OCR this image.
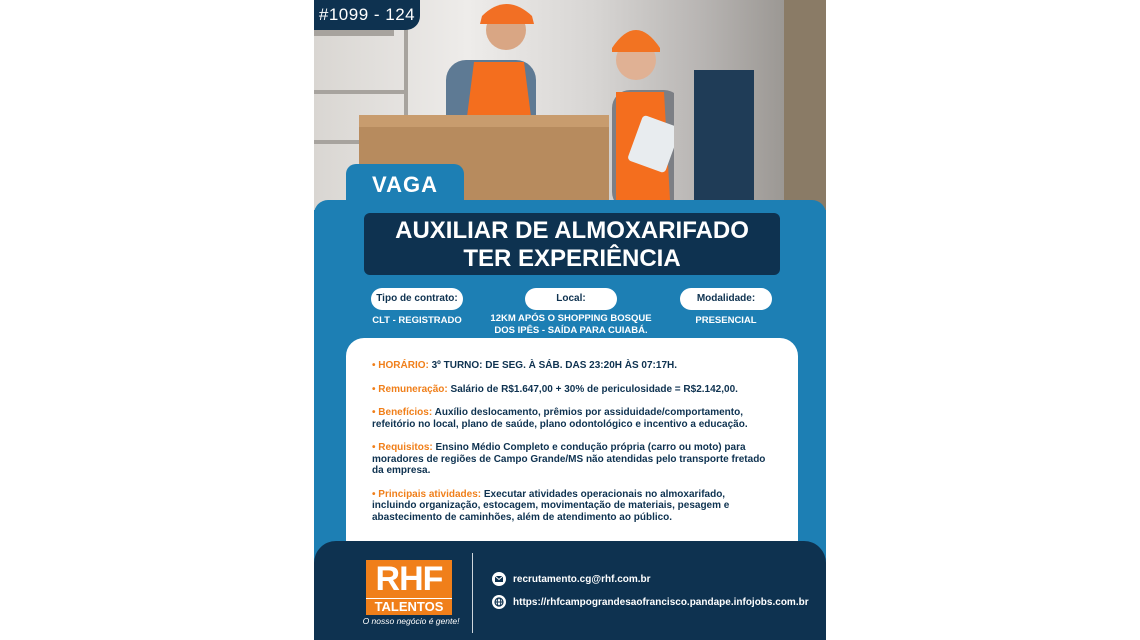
#1099 - 124
VAGA
AUXILIAR DE ALMOXARIFADO
TER EXPERIÊNCIA
Tipo de contrato:
CLT - REGISTRADO
Local:
12KM APÓS O SHOPPING BOSQUE DOS IPÊS - SAÍDA PARA CUIABÁ.
Modalidade:
PRESENCIAL

• HORÁRIO: 3º TURNO: DE SEG. À SÁB. DAS 23:20H ÀS 07:17H.

• Remuneração: Salário de R$1.647,00 + 30% de periculosidade = R$2.142,00.

• Benefícios: Auxílio deslocamento, prêmios por assiduidade/comportamento, refeitório no local, plano de saúde, plano odontológico e incentivo a educação.

• Requisitos: Ensino Médio Completo e condução própria (carro ou moto) para moradores de regiões de Campo Grande/MS não atendidas pelo transporte fretado da empresa.

• Principais atividades: Executar atividades operacionais no almoxarifado, incluindo organização, estocagem, movimentação de materiais, pesagem e abastecimento de caminhões, além de atendimento ao público.

RHF
TALENTOS
O nosso negócio é gente!
recrutamento.cg@rhf.com.br
https://rhfcampograndesaofrancisco.pandape.infojobs.com.br
